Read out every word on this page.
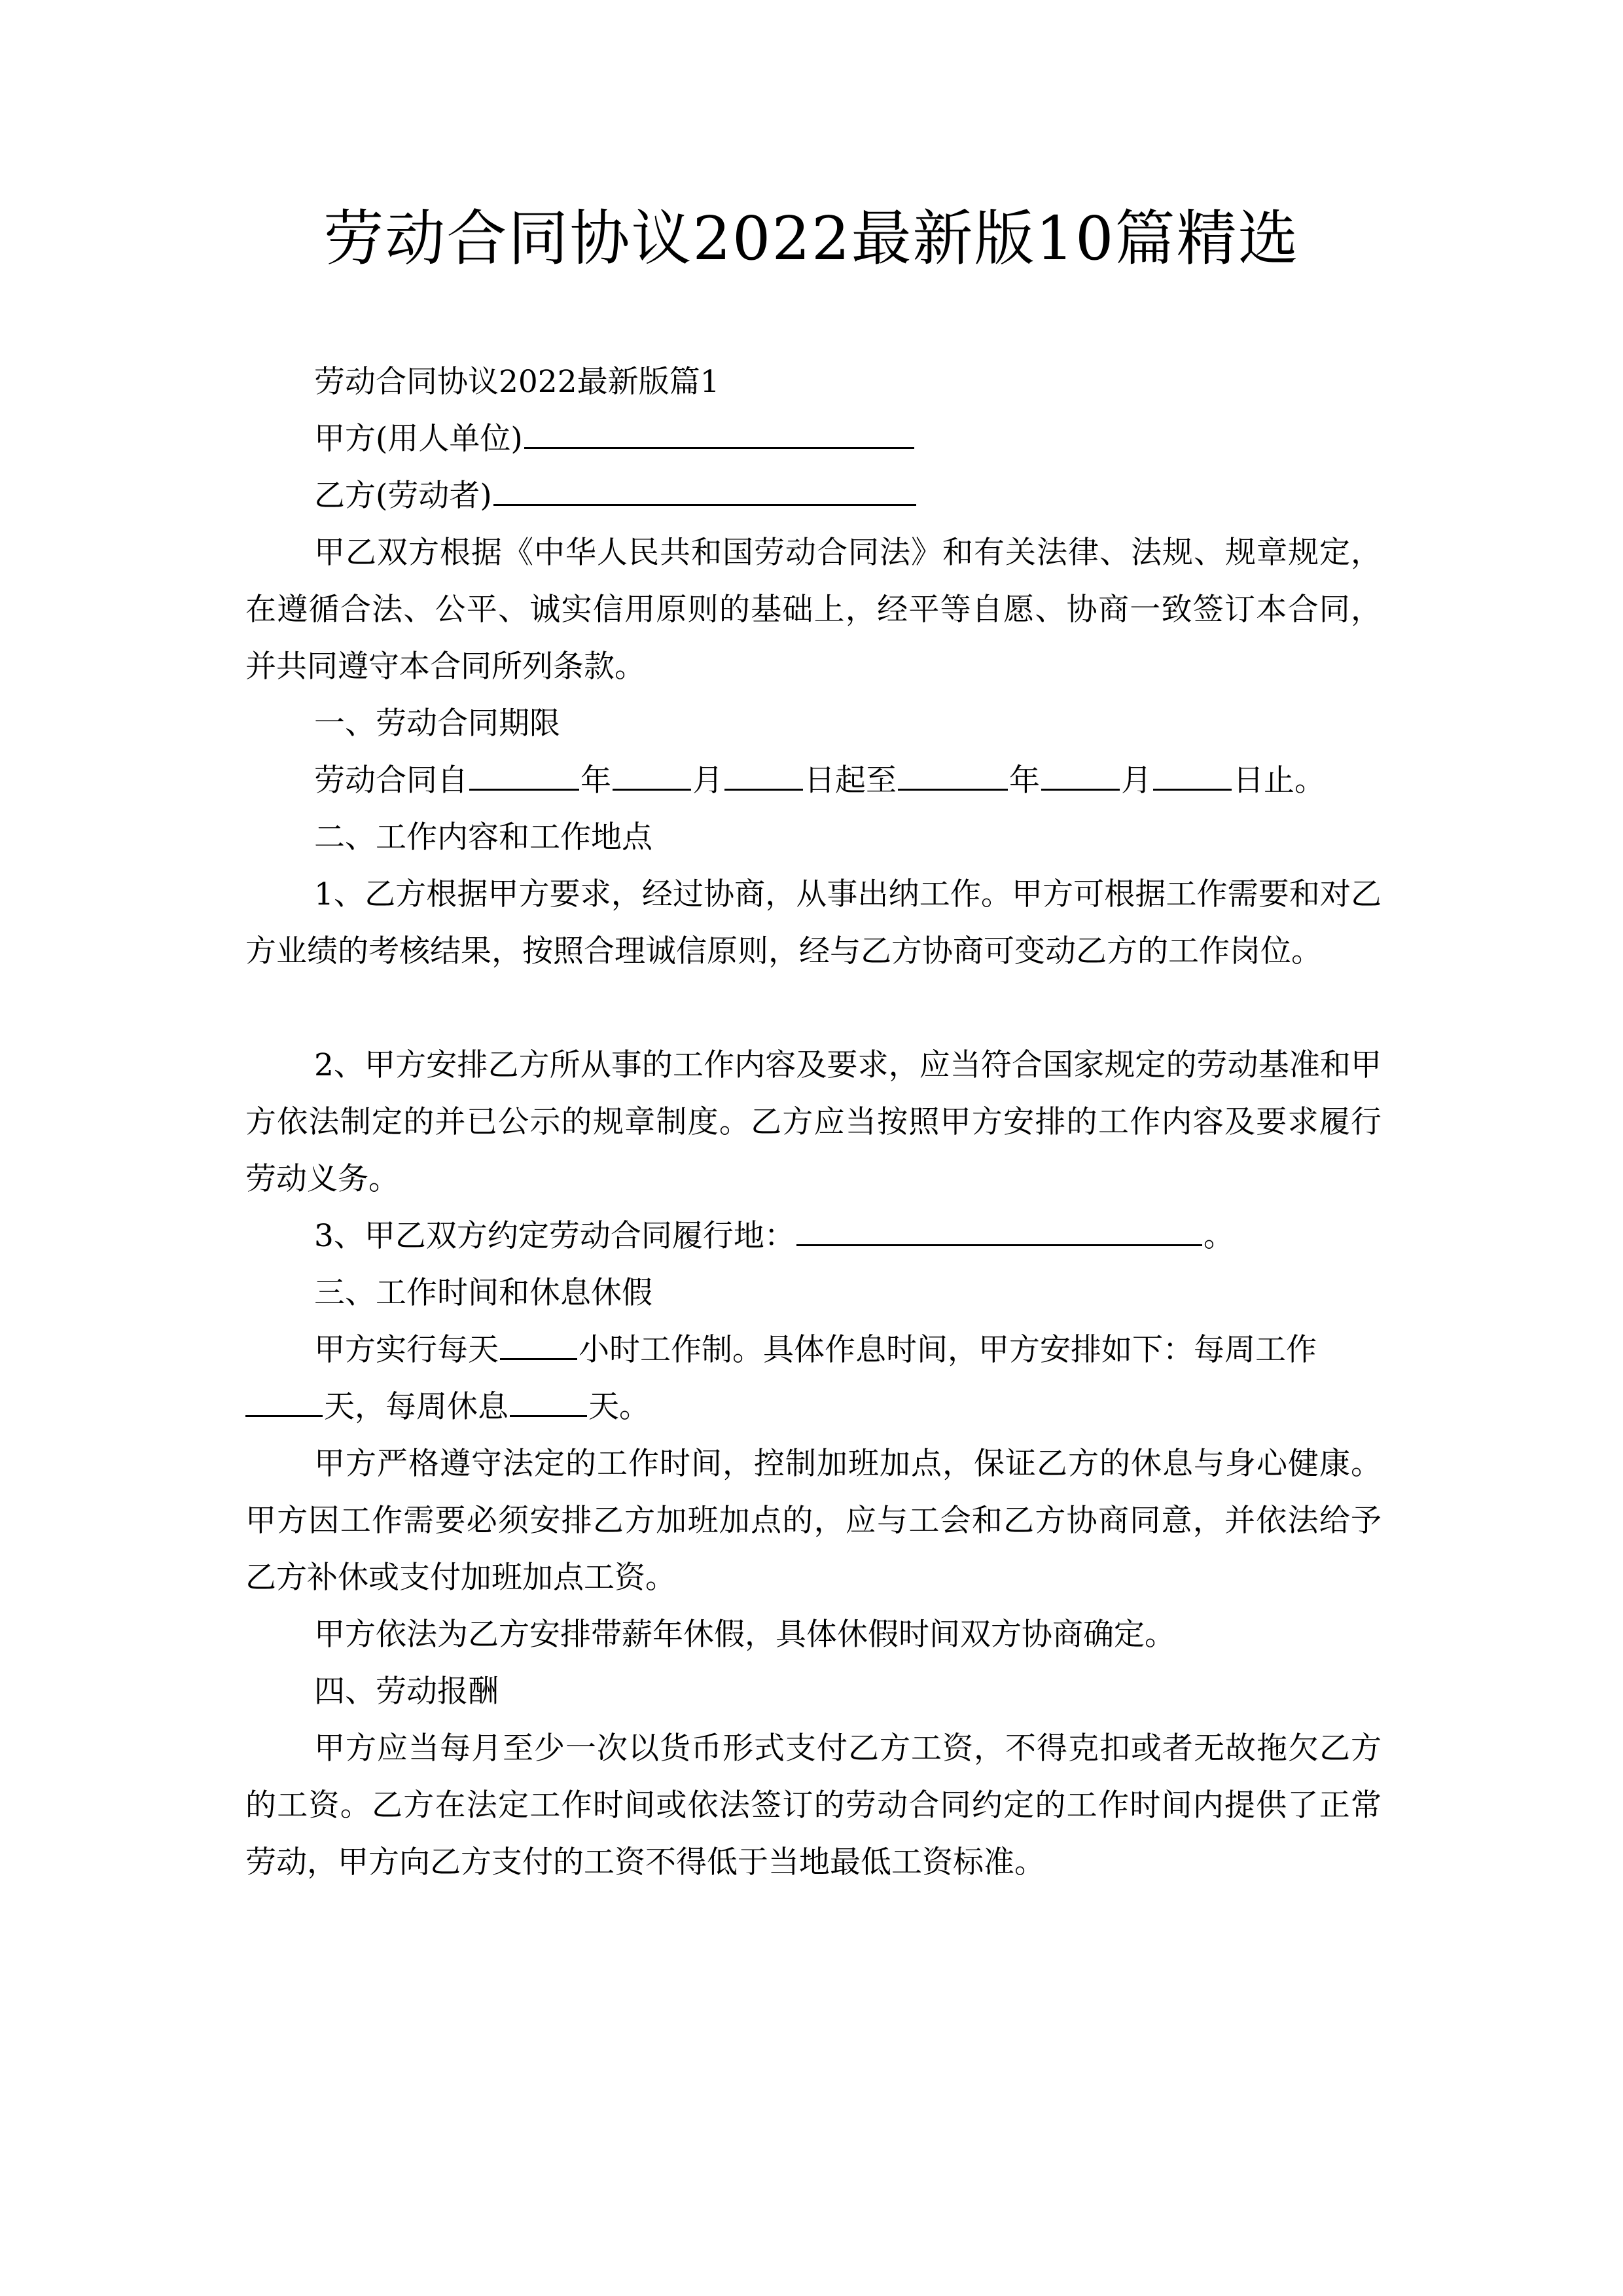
劳动合同协议2022最新版10篇精选
劳动合同协议2022最新版篇1
甲方(用人单位)
乙方(劳动者)

甲乙双方根据《中华人民共和国劳动合同法》和有关法律、法规、规章规定，在遵循合法、公平、诚实信用原则的基础上，经平等自愿、协商一致签订本合同，并共同遵守本合同所列条款。

一、劳动合同期限
劳动合同自	年	月	日起至	年	月	日止。
二、工作内容和工作地点

1、乙方根据甲方要求，经过协商，从事出纳工作。甲方可根据工作需要和对乙方业绩的考核结果，按照合理诚信原则，经与乙方协商可变动乙方的工作岗位。

2、甲方安排乙方所从事的工作内容及要求，应当符合国家规定的劳动基准和甲方依法制定的并已公示的规章制度。乙方应当按照甲方安排的工作内容及要求履行劳动义务。

3、甲乙双方约定劳动合同履行地：	。
三、工作时间和休息休假
甲方实行每天	小时工作制。具体作息时间，甲方安排如下：每周工作
天，每周休息	天。

甲方严格遵守法定的工作时间，控制加班加点，保证乙方的休息与身心健康。甲方因工作需要必须安排乙方加班加点的，应与工会和乙方协商同意，并依法给予乙方补休或支付加班加点工资。

甲方依法为乙方安排带薪年休假，具体休假时间双方协商确定。

四、劳动报酬

甲方应当每月至少一次以货币形式支付乙方工资，不得克扣或者无故拖欠乙方的工资。乙方在法定工作时间或依法签订的劳动合同约定的工作时间内提供了正常劳动，甲方向乙方支付的工资不得低于当地最低工资标准。
